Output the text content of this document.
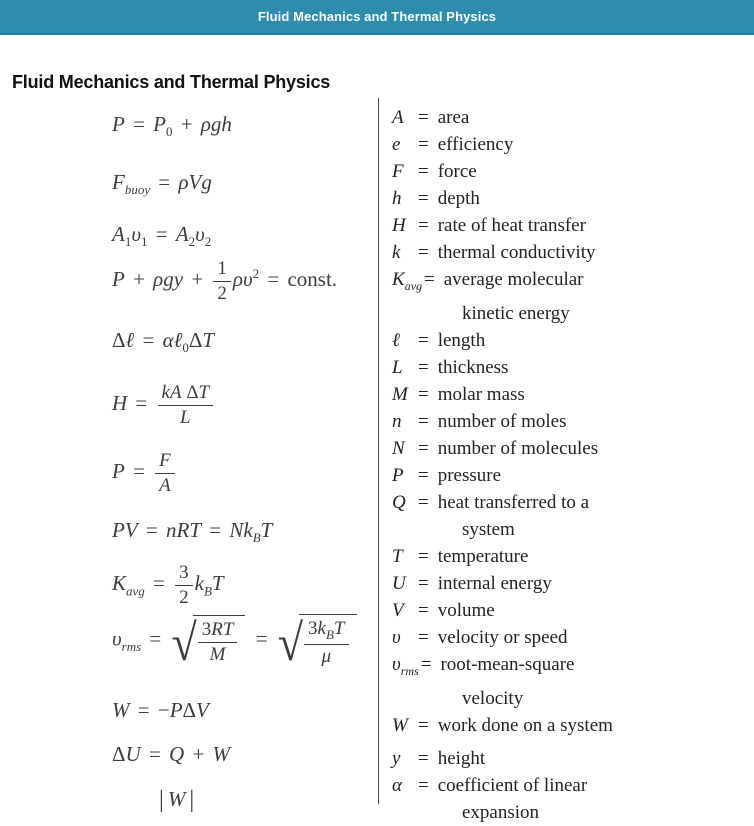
Fluid Mechanics and Thermal Physics
Fluid Mechanics and Thermal Physics
$P = P_0 + \rho gh$
$F_{buoy} = \rho Vg$
$A_1\upsilon_1 = A_2\upsilon_2$
$P + \rho gy + \frac{1}{2} \rho\upsilon^2$ = const.
Δℓ = αℓ$_0$ΔT
$H = \frac{\text{kA ΔT}}{L}$
$P = \frac{F}{A}$
PV = nRT = $Nk_BT$
$K_{avg} = \frac{3}{2} k_BT$
$\upsilon_{rms}$ = √ $\frac{3RT}{M}$ = √ $\frac{3k_BT}{\mu}$
W = −PΔV
ΔU = Q + W
| W |
A = area
e = efficiency
F = force
h = depth
H = rate of heat transfer
k = thermal conductivity
$K_{avg}$ = average molecular
kinetic energy
ℓ = length
L = thickness
M = molar mass
n = number of moles
N = number of molecules
P = pressure
Q = heat transferred to a
system
T = temperature
U = internal energy
V = volume
υ = velocity or speed
$\upsilon_{rms}$ = root-mean-square
velocity
W = work done on a system
y = height
α = coefficient of linear
expansion
